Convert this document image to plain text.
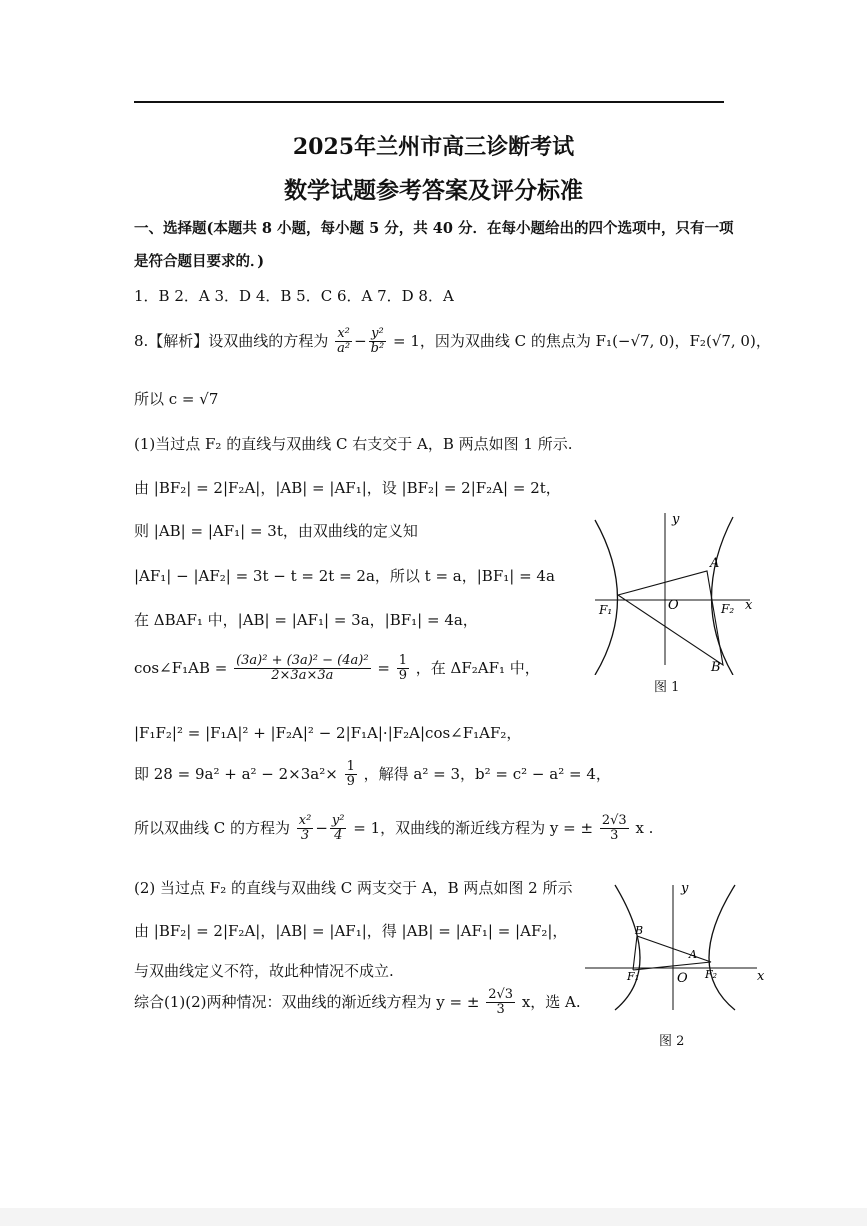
2025年兰州市高三诊断考试
数学试题参考答案及评分标准
一、选择题(本题共 8 小题，每小题 5 分，共 40 分．在每小题给出的四个选项中，只有一项
是符合题目要求的．)
1．B 2．A 3．D 4．B 5．C 6．A 7．D 8．A
8.【解析】设双曲线的方程为 $\frac{\text{x²}}{\text{a²}} - \frac{\text{y²}}{\text{b²}} = 1$，因为双曲线 C 的焦点为 F₁(−√7, 0)，F₂(√7, 0)，
所以 c = √7
(1)当过点 F₂ 的直线与双曲线 C 右支交于 A，B 两点如图 1 所示.
由 |BF₂| = 2|F₂A|，|AB| = |AF₁|，设 |BF₂| = 2|F₂A| = 2t，
则 |AB| = |AF₁| = 3t，由双曲线的定义知
|AF₁| − |AF₂| = 3t − t = 2t = 2a，所以 t = a，|BF₁| = 4a
在 ΔBAF₁ 中，|AB| = |AF₁| = 3a，|BF₁| = 4a，
cos∠F₁AB = $\frac{\text{(3a)² + (3a)² − (4a)²}}{2\times 3a\times 3a} = \frac{1}{9}$ ，在 ΔF₂AF₁ 中，
|F₁F₂|² = |F₁A|² + |F₂A|² − 2|F₁A|·|F₂A|cos∠F₁AF₂，
即 $28 = 9a^2 + a^2 - 2\times 3a^2\times \frac{1}{9}$ ，解得 a² = 3，b² = c² − a² = 4，
所以双曲线 C 的方程为 $\frac{\text{x²}}{3} - \frac{\text{y²}}{4} = 1$，双曲线的渐近线方程为 y = ± $\frac{2√3}{3}$ x .
(2) 当过点 F₂ 的直线与双曲线 C 两支交于 A，B 两点如图 2 所示
由 |BF₂| = 2|F₂A|，|AB| = |AF₁|，得 |AB| = |AF₁| = |AF₂|，
与双曲线定义不符，故此种情况不成立.
综合(1)(2)两种情况：双曲线的渐近线方程为 y = ± $\frac{2√3}{3}$ x，选 A.
y
x
O
A
B
F₁	F₂
图 1
y
x
O
A
B
F₁	F₂
图 2
